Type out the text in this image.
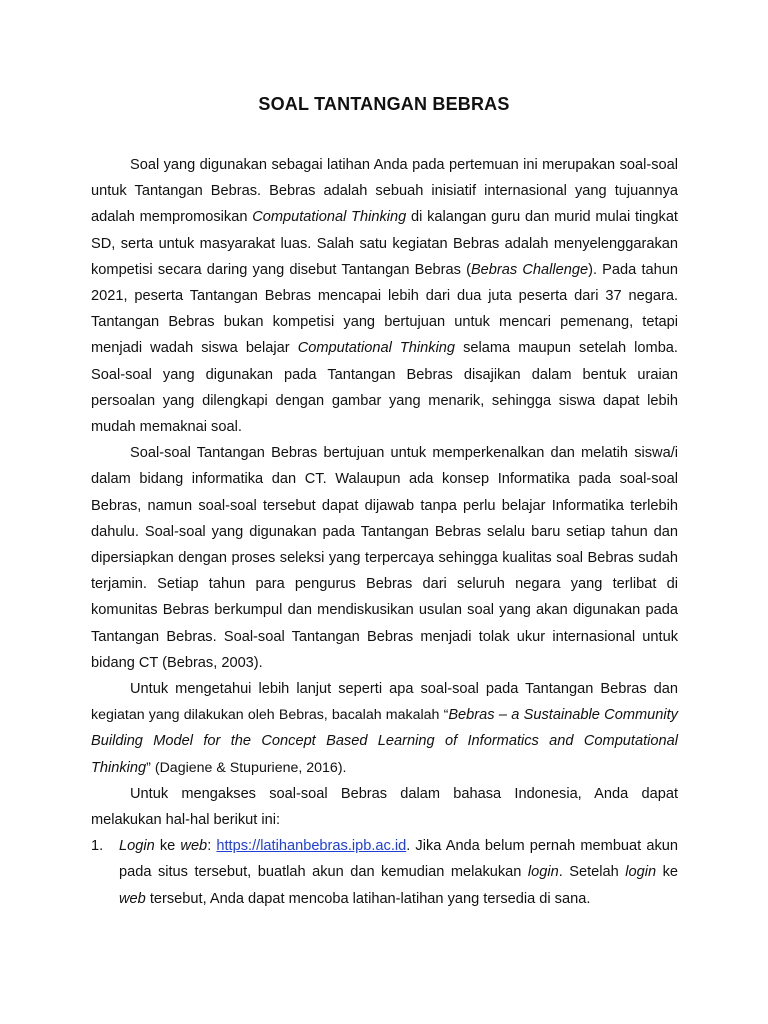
SOAL TANTANGAN BEBRAS

Soal yang digunakan sebagai latihan Anda pada pertemuan ini merupakan soal-soal untuk Tantangan Bebras. Bebras adalah sebuah inisiatif internasional yang tujuannya adalah mempromosikan Computational Thinking di kalangan guru dan murid mulai tingkat SD, serta untuk masyarakat luas. Salah satu kegiatan Bebras adalah menyelenggarakan kompetisi secara daring yang disebut Tantangan Bebras (Bebras Challenge). Pada tahun 2021, peserta Tantangan Bebras mencapai lebih dari dua juta peserta dari 37 negara. Tantangan Bebras bukan kompetisi yang bertujuan untuk mencari pemenang, tetapi menjadi wadah siswa belajar Computational Thinking selama maupun setelah lomba. Soal-soal yang digunakan pada Tantangan Bebras disajikan dalam bentuk uraian persoalan yang dilengkapi dengan gambar yang menarik, sehingga siswa dapat lebih mudah memaknai soal.

Soal-soal Tantangan Bebras bertujuan untuk memperkenalkan dan melatih siswa/i dalam bidang informatika dan CT. Walaupun ada konsep Informatika pada soal-soal Bebras, namun soal-soal tersebut dapat dijawab tanpa perlu belajar Informatika terlebih dahulu. Soal-soal yang digunakan pada Tantangan Bebras selalu baru setiap tahun dan dipersiapkan dengan proses seleksi yang terpercaya sehingga kualitas soal Bebras sudah terjamin. Setiap tahun para pengurus Bebras dari seluruh negara yang terlibat di komunitas Bebras berkumpul dan mendiskusikan usulan soal yang akan digunakan pada Tantangan Bebras. Soal-soal Tantangan Bebras menjadi tolak ukur internasional untuk bidang CT (Bebras, 2003).

Untuk mengetahui lebih lanjut seperti apa soal-soal pada Tantangan Bebras dan kegiatan yang dilakukan oleh Bebras, bacalah makalah “Bebras – a Sustainable Community Building Model for the Concept Based Learning of Informatics and Computational Thinking” (Dagiene & Stupuriene, 2016).

Untuk mengakses soal-soal Bebras dalam bahasa Indonesia, Anda dapat melakukan hal-hal berikut ini:

1. Login ke web: https://latihanbebras.ipb.ac.id. Jika Anda belum pernah membuat akun pada situs tersebut, buatlah akun dan kemudian melakukan login. Setelah login ke web tersebut, Anda dapat mencoba latihan-latihan yang tersedia di sana.
